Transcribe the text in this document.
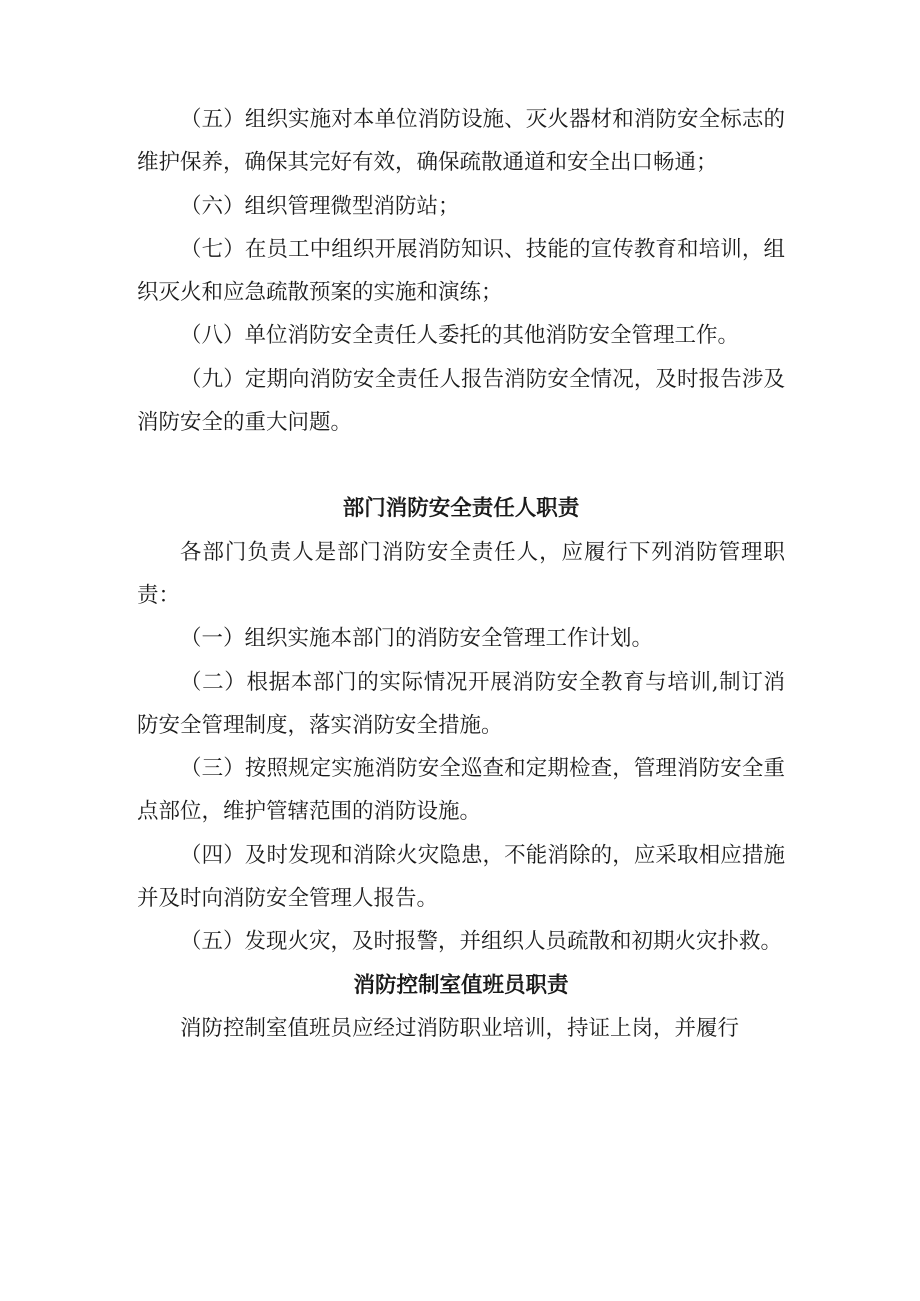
（五）组织实施对本单位消防设施、灭火器材和消防安全标志的维护保养，确保其完好有效，确保疏散通道和安全出口畅通；

（六）组织管理微型消防站；

（七）在员工中组织开展消防知识、技能的宣传教育和培训，组织灭火和应急疏散预案的实施和演练；

（八）单位消防安全责任人委托的其他消防安全管理工作。

（九）定期向消防安全责任人报告消防安全情况，及时报告涉及消防安全的重大问题。

部门消防安全责任人职责

各部门负责人是部门消防安全责任人，应履行下列消防管理职责：

（一）组织实施本部门的消防安全管理工作计划。

（二）根据本部门的实际情况开展消防安全教育与培训,制订消防安全管理制度，落实消防安全措施。

（三）按照规定实施消防安全巡查和定期检查，管理消防安全重点部位，维护管辖范围的消防设施。

（四）及时发现和消除火灾隐患，不能消除的，应采取相应措施并及时向消防安全管理人报告。

（五）发现火灾，及时报警，并组织人员疏散和初期火灾扑救。

消防控制室值班员职责

消防控制室值班员应经过消防职业培训，持证上岗，并履行
